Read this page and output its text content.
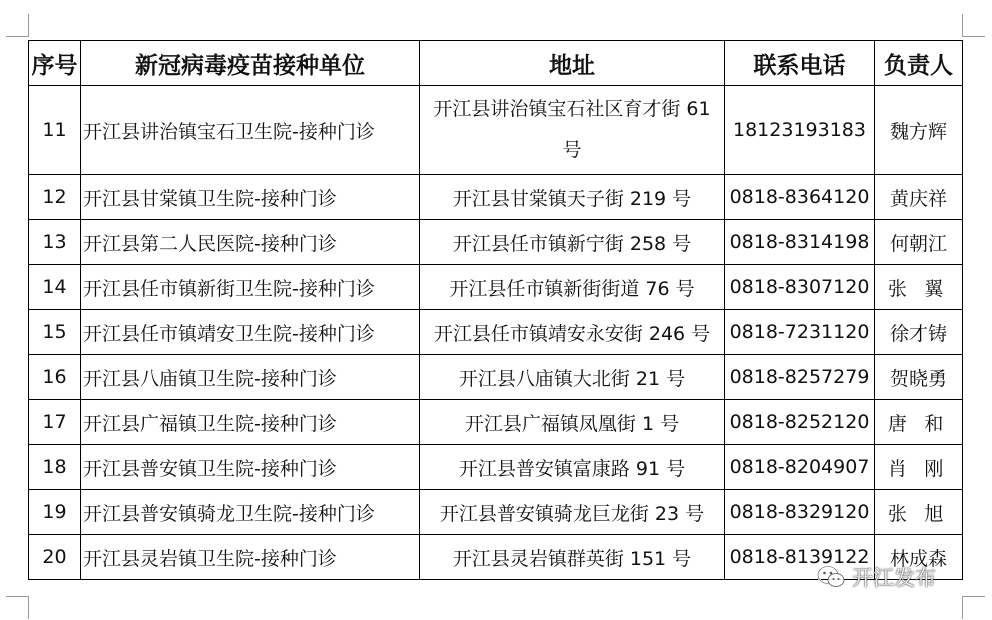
序号	新冠病毒疫苗接种单位	地址	联系电话	负责人
11	开江县讲治镇宝石卫生院-接种门诊	开江县讲治镇宝石社区育才街 61 号	18123193183	魏方辉
12	开江县甘棠镇卫生院-接种门诊	开江县甘棠镇天子街 219 号	0818-8364120	黄庆祥
13	开江县第二人民医院-接种门诊	开江县任市镇新宁街 258 号	0818-8314198	何朝江
14	开江县任市镇新街卫生院-接种门诊	开江县任市镇新街街道 76 号	0818-8307120	张 翼
15	开江县任市镇靖安卫生院-接种门诊	开江县任市镇靖安永安街 246 号	0818-7231120	徐才铸
16	开江县八庙镇卫生院-接种门诊	开江县八庙镇大北街 21 号	0818-8257279	贺晓勇
17	开江县广福镇卫生院-接种门诊	开江县广福镇凤凰街 1 号	0818-8252120	唐 和
18	开江县普安镇卫生院-接种门诊	开江县普安镇富康路 91 号	0818-8204907	肖 刚
19	开江县普安镇骑龙卫生院-接种门诊	开江县普安镇骑龙巨龙街 23 号	0818-8329120	张 旭
20	开江县灵岩镇卫生院-接种门诊	开江县灵岩镇群英街 151 号	0818-8139122	林成森
开江发布
